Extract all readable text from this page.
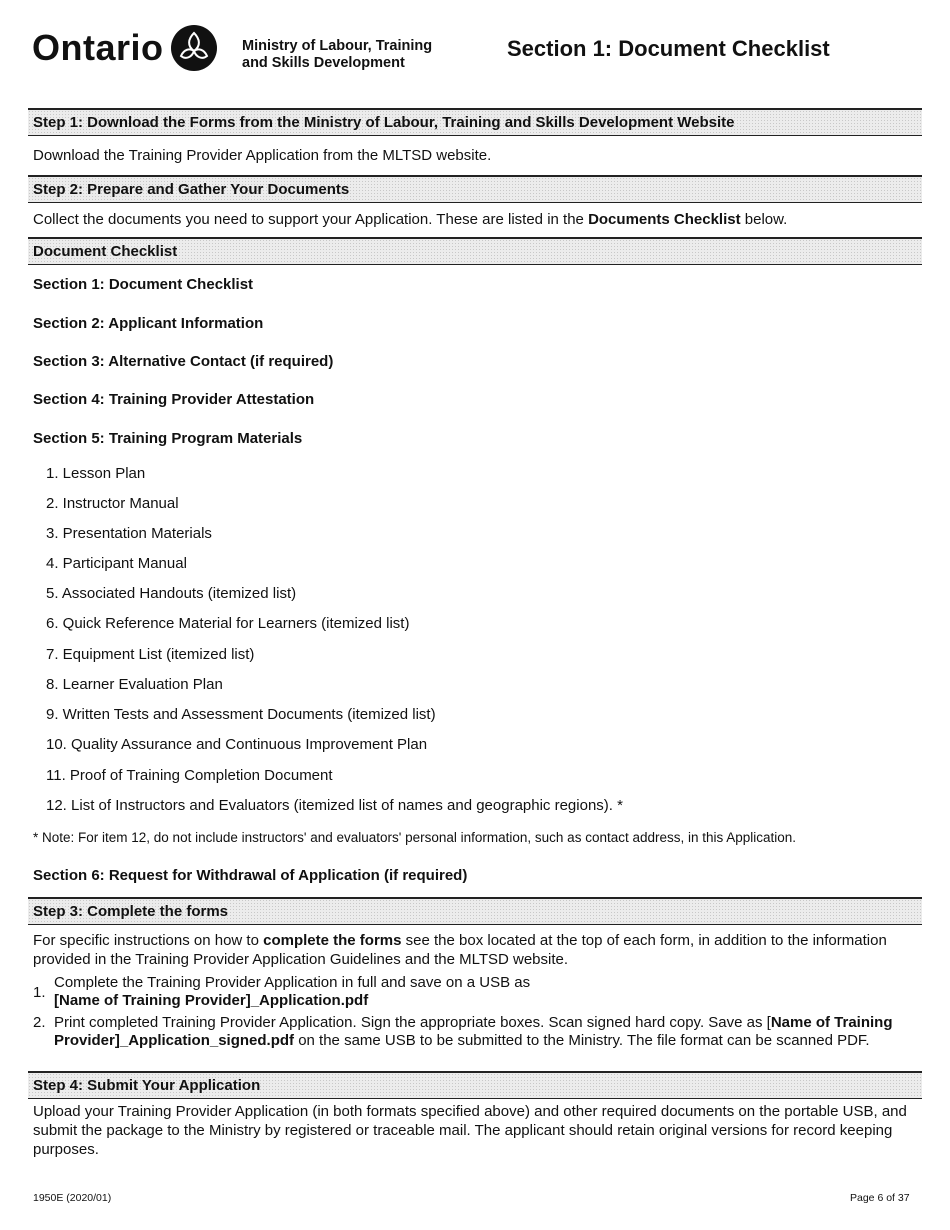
Ontario	Ministry of Labour, Training
and Skills Development
Section 1: Document Checklist
Step 1: Download the Forms from the Ministry of Labour, Training and Skills Development Website
Download the Training Provider Application from the MLTSD website.
Step 2: Prepare and Gather Your Documents
Collect the documents you need to support your Application. These are listed in the Documents Checklist below.
Document Checklist
Section 1: Document Checklist
Section 2: Applicant Information
Section 3: Alternative Contact (if required)
Section 4: Training Provider Attestation
Section 5: Training Program Materials
1. Lesson Plan
2. Instructor Manual
3. Presentation Materials
4. Participant Manual
5. Associated Handouts (itemized list)
6. Quick Reference Material for Learners (itemized list)
7. Equipment List (itemized list)
8. Learner Evaluation Plan
9. Written Tests and Assessment Documents (itemized list)
10. Quality Assurance and Continuous Improvement Plan
11. Proof of Training Completion Document
12. List of Instructors and Evaluators (itemized list of names and geographic regions). *
* Note: For item 12, do not include instructors' and evaluators' personal information, such as contact address, in this Application.
Section 6: Request for Withdrawal of Application (if required)
Step 3: Complete the forms
For specific instructions on how to complete the forms see the box located at the top of each form, in addition to the information provided in the Training Provider Application Guidelines and the MLTSD website.
1.
Complete the Training Provider Application in full and save on a USB as
[Name of Training Provider]_Application.pdf
2. Print completed Training Provider Application. Sign the appropriate boxes. Scan signed hard copy. Save as [Name of Training Provider]_Application_signed.pdf on the same USB to be submitted to the Ministry. The file format can be scanned PDF.
Step 4: Submit Your Application
Upload your Training Provider Application (in both formats specified above) and other required documents on the portable USB, and submit the package to the Ministry by registered or traceable mail. The applicant should retain original versions for record keeping purposes.
1950E (2020/01)	Page 6 of 37
